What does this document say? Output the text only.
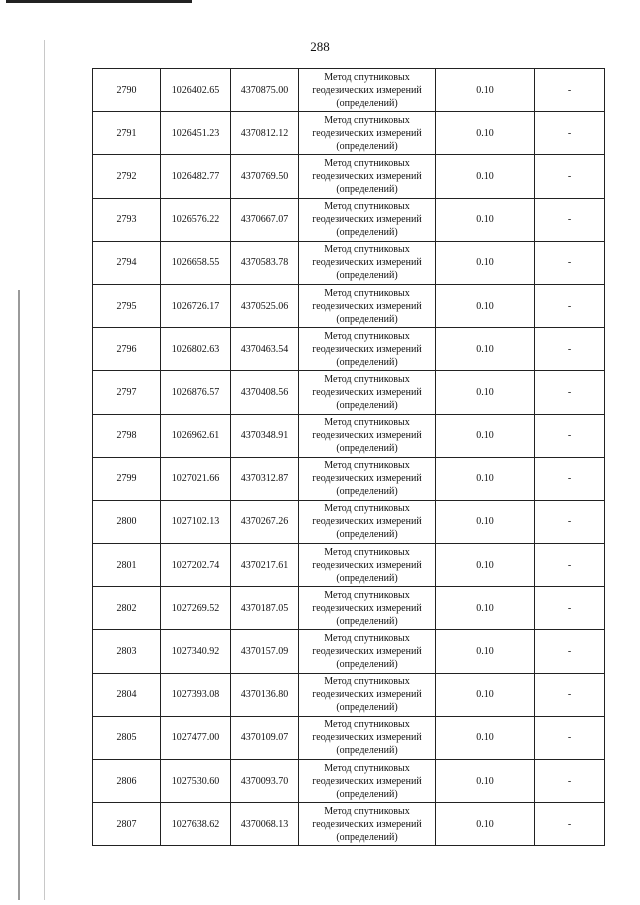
288
2790	1026402.65	4370875.00	Метод спутниковых
геодезических измерений
(определений)	0.10	-
2791	1026451.23	4370812.12	Метод спутниковых
геодезических измерений
(определений)	0.10	-
2792	1026482.77	4370769.50	Метод спутниковых
геодезических измерений
(определений)	0.10	-
2793	1026576.22	4370667.07	Метод спутниковых
геодезических измерений
(определений)	0.10	-
2794	1026658.55	4370583.78	Метод спутниковых
геодезических измерений
(определений)	0.10	-
2795	1026726.17	4370525.06	Метод спутниковых
геодезических измерений
(определений)	0.10	-
2796	1026802.63	4370463.54	Метод спутниковых
геодезических измерений
(определений)	0.10	-
2797	1026876.57	4370408.56	Метод спутниковых
геодезических измерений
(определений)	0.10	-
2798	1026962.61	4370348.91	Метод спутниковых
геодезических измерений
(определений)	0.10	-
2799	1027021.66	4370312.87	Метод спутниковых
геодезических измерений
(определений)	0.10	-
2800	1027102.13	4370267.26	Метод спутниковых
геодезических измерений
(определений)	0.10	-
2801	1027202.74	4370217.61	Метод спутниковых
геодезических измерений
(определений)	0.10	-
2802	1027269.52	4370187.05	Метод спутниковых
геодезических измерений
(определений)	0.10	-
2803	1027340.92	4370157.09	Метод спутниковых
геодезических измерений
(определений)	0.10	-
2804	1027393.08	4370136.80	Метод спутниковых
геодезических измерений
(определений)	0.10	-
2805	1027477.00	4370109.07	Метод спутниковых
геодезических измерений
(определений)	0.10	-
2806	1027530.60	4370093.70	Метод спутниковых
геодезических измерений
(определений)	0.10	-
2807	1027638.62	4370068.13	Метод спутниковых
геодезических измерений
(определений)	0.10	-
